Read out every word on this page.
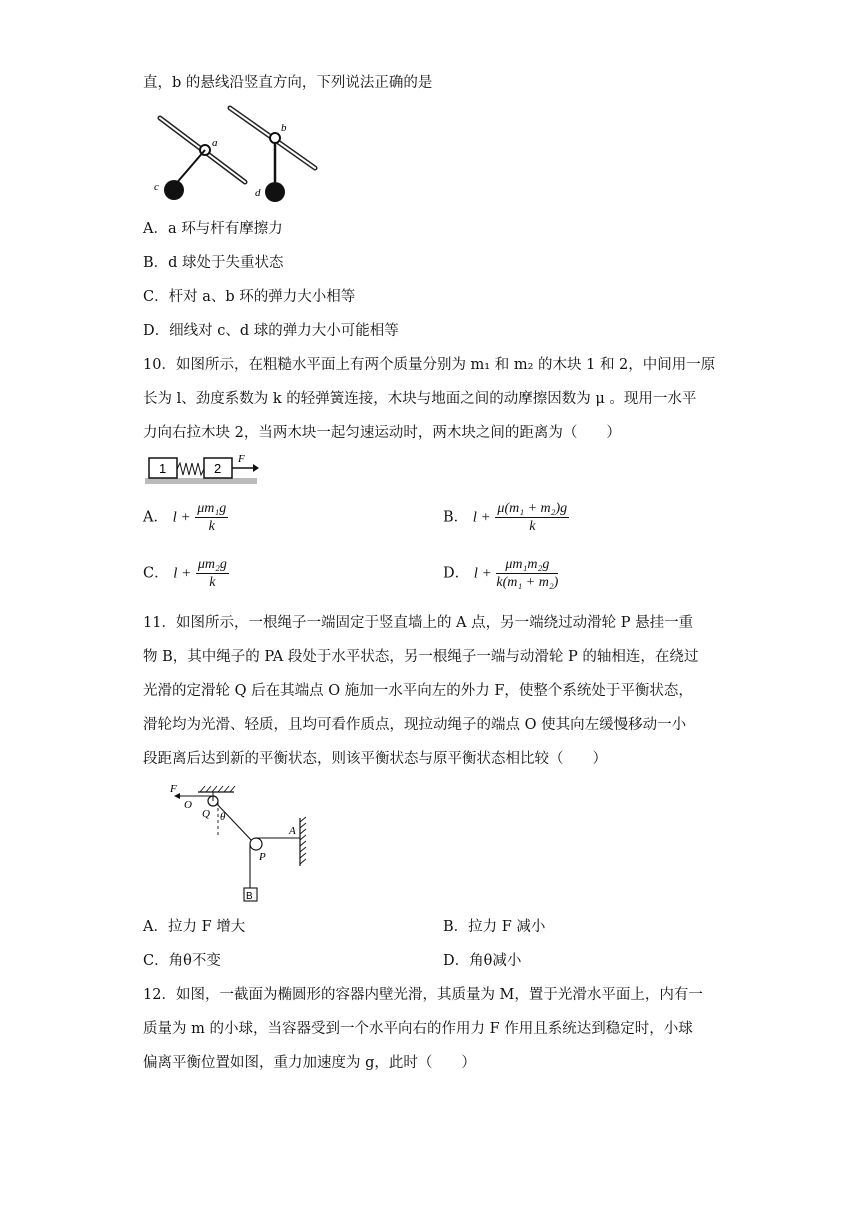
直，b 的悬线沿竖直方向，下列说法正确的是
a
b
c	d
A．a 环与杆有摩擦力
B．d 球处于失重状态
C．杆对 a、b 环的弹力大小相等
D．细线对 c、d 球的弹力大小可能相等
10．如图所示，在粗糙水平面上有两个质量分别为 m₁ 和 m₂ 的木块 1 和 2，中间用一原
长为 l、劲度系数为 k 的轻弹簧连接，木块与地面之间的动摩擦因数为 μ 。现用一水平
力向右拉木块 2，当两木块一起匀速运动时，两木块之间的距离为（　　）
1	2
F
A． $l + \frac{\text{μm₁g}}{k}$	B． $l + \frac{\text{μ(m₁ + m₂)g}}{k}$
C． $l + \frac{\text{μm₂g}}{k}$	D． $l + \frac{\text{μm₁m₂g}}{\text{k(m₁ + m₂)}}$
11．如图所示，一根绳子一端固定于竖直墙上的 A 点，另一端绕过动滑轮 P 悬挂一重
物 B，其中绳子的 PA 段处于水平状态，另一根绳子一端与动滑轮 P 的轴相连，在绕过
光滑的定滑轮 Q 后在其端点 O 施加一水平向左的外力 F，使整个系统处于平衡状态，
滑轮均为光滑、轻质，且均可看作质点，现拉动绳子的端点 O 使其向左缓慢移动一小
段距离后达到新的平衡状态，则该平衡状态与原平衡状态相比较（　　）
B
F
O
Q θ
P
A
A．拉力 F 增大	B．拉力 F 减小
C．角θ不变	D．角θ减小
12．如图，一截面为椭圆形的容器内壁光滑，其质量为 M，置于光滑水平面上，内有一
质量为 m 的小球，当容器受到一个水平向右的作用力 F 作用且系统达到稳定时，小球
偏离平衡位置如图，重力加速度为 g，此时（　　）
